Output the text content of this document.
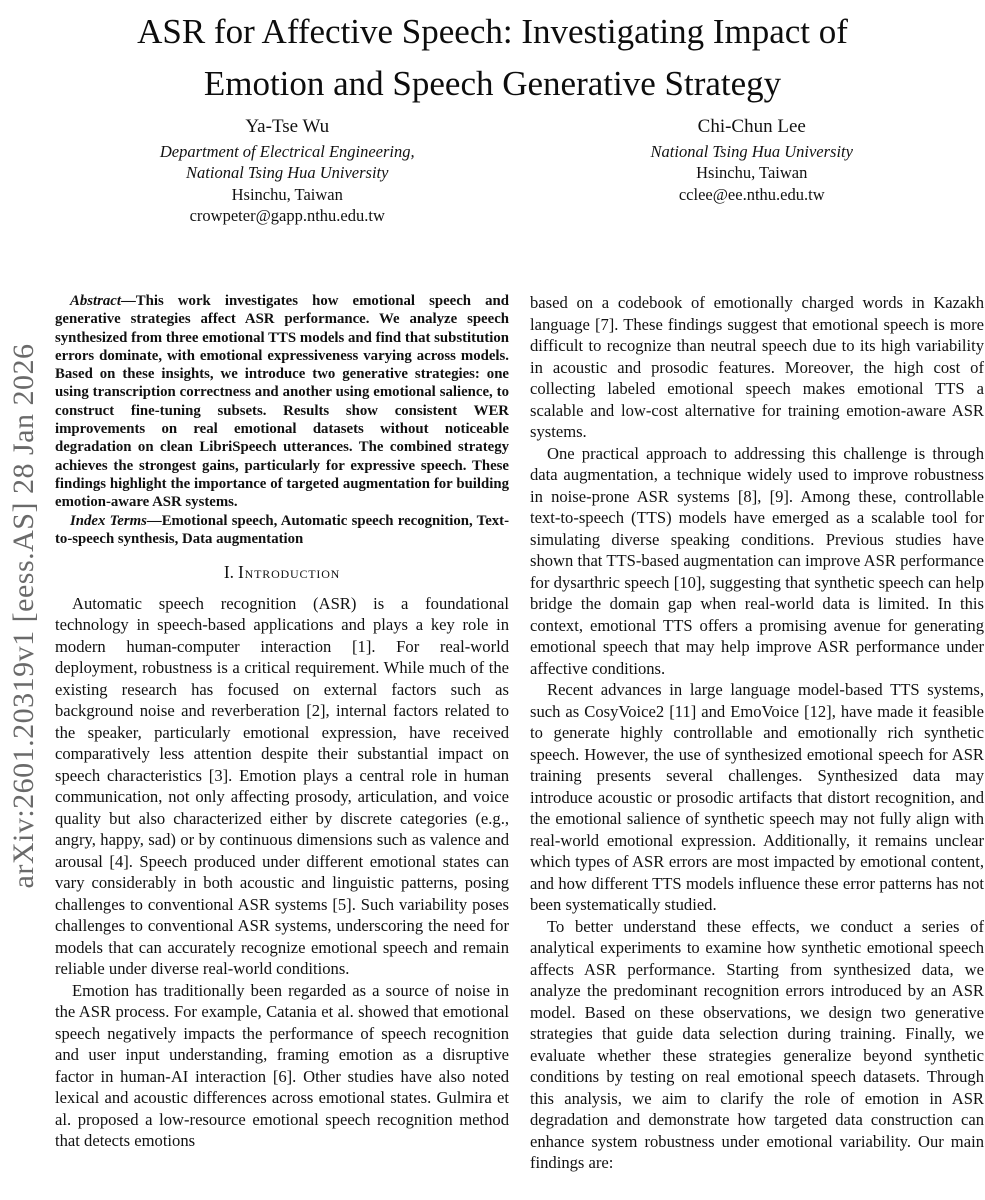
arXiv:2601.20319v1 [eess.AS] 28 Jan 2026
ASR for Affective Speech: Investigating Impact of
Emotion and Speech Generative Strategy
Ya-Tse Wu
Department of Electrical Engineering,
National Tsing Hua University
Hsinchu, Taiwan
crowpeter@gapp.nthu.edu.tw
Chi-Chun Lee
National Tsing Hua University
Hsinchu, Taiwan
cclee@ee.nthu.edu.tw

Abstract—This work investigates how emotional speech and generative strategies affect ASR performance. We analyze speech synthesized from three emotional TTS models and find that substitution errors dominate, with emotional expressiveness varying across models. Based on these insights, we introduce two generative strategies: one using transcription correctness and another using emotional salience, to construct fine-tuning subsets. Results show consistent WER improvements on real emotional datasets without noticeable degradation on clean LibriSpeech utterances. The combined strategy achieves the strongest gains, particularly for expressive speech. These findings highlight the importance of targeted augmentation for building emotion-aware ASR systems.

Index Terms—Emotional speech, Automatic speech recognition, Text-to-speech synthesis, Data augmentation

I. Introduction

Automatic speech recognition (ASR) is a foundational technology in speech-based applications and plays a key role in modern human-computer interaction [1]. For real-world deployment, robustness is a critical requirement. While much of the existing research has focused on external factors such as background noise and reverberation [2], internal factors related to the speaker, particularly emotional expression, have received comparatively less attention despite their substantial impact on speech characteristics [3]. Emotion plays a central role in human communication, not only affecting prosody, articulation, and voice quality but also characterized either by discrete categories (e.g., angry, happy, sad) or by continuous dimensions such as valence and arousal [4]. Speech produced under different emotional states can vary considerably in both acoustic and linguistic patterns, posing challenges to conventional ASR systems [5]. Such variability poses challenges to conventional ASR systems, underscoring the need for models that can accurately recognize emotional speech and remain reliable under diverse real-world conditions.

Emotion has traditionally been regarded as a source of noise in the ASR process. For example, Catania et al. showed that emotional speech negatively impacts the performance of speech recognition and user input understanding, framing emotion as a disruptive factor in human-AI interaction [6]. Other studies have also noted lexical and acoustic differences across emotional states. Gulmira et al. proposed a low-resource emotional speech recognition method that detects emotions

based on a codebook of emotionally charged words in Kazakh language [7]. These findings suggest that emotional speech is more difficult to recognize than neutral speech due to its high variability in acoustic and prosodic features. Moreover, the high cost of collecting labeled emotional speech makes emotional TTS a scalable and low-cost alternative for training emotion-aware ASR systems.

One practical approach to addressing this challenge is through data augmentation, a technique widely used to improve robustness in noise-prone ASR systems [8], [9]. Among these, controllable text-to-speech (TTS) models have emerged as a scalable tool for simulating diverse speaking conditions. Previous studies have shown that TTS-based augmentation can improve ASR performance for dysarthric speech [10], suggesting that synthetic speech can help bridge the domain gap when real-world data is limited. In this context, emotional TTS offers a promising avenue for generating emotional speech that may help improve ASR performance under affective conditions.

Recent advances in large language model-based TTS systems, such as CosyVoice2 [11] and EmoVoice [12], have made it feasible to generate highly controllable and emotionally rich synthetic speech. However, the use of synthesized emotional speech for ASR training presents several challenges. Synthesized data may introduce acoustic or prosodic artifacts that distort recognition, and the emotional salience of synthetic speech may not fully align with real-world emotional expression. Additionally, it remains unclear which types of ASR errors are most impacted by emotional content, and how different TTS models influence these error patterns has not been systematically studied.

To better understand these effects, we conduct a series of analytical experiments to examine how synthetic emotional speech affects ASR performance. Starting from synthesized data, we analyze the predominant recognition errors introduced by an ASR model. Based on these observations, we design two generative strategies that guide data selection during training. Finally, we evaluate whether these strategies generalize beyond synthetic conditions by testing on real emotional speech datasets. Through this analysis, we aim to clarify the role of emotion in ASR degradation and demonstrate how targeted data construction can enhance system robustness under emotional variability. Our main findings are:
